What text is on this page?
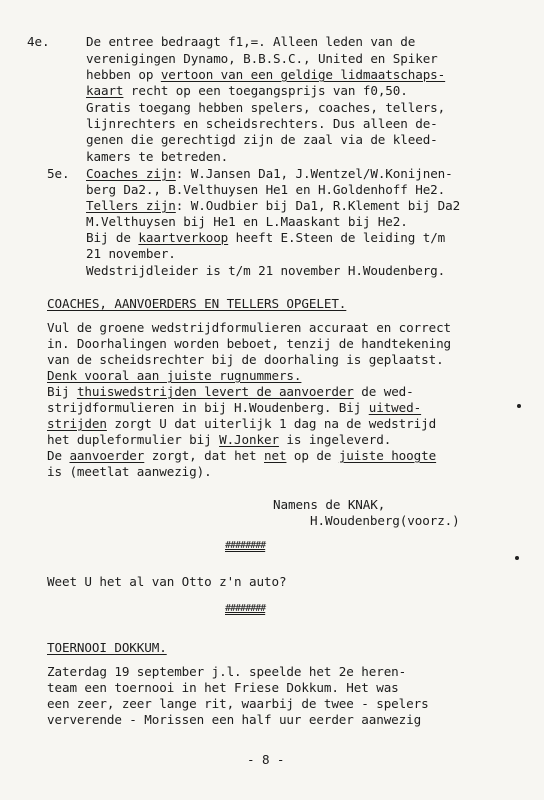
4e.	De entree bedraagt f1,=. Alleen leden van de
verenigingen Dynamo, B.B.S.C., United en Spiker
hebben op vertoon van een geldige lidmaatschaps-
kaart recht op een toegangsprijs van f0,50.
Gratis toegang hebben spelers, coaches, tellers,
lijnrechters en scheidsrechters. Dus alleen de-
genen die gerechtigd zijn de zaal via de kleed-
kamers te betreden.
5e. Coaches zijn: W.Jansen Da1, J.Wentzel/W.Konijnen-
berg Da2., B.Velthuysen He1 en H.Goldenhoff He2.
Tellers zijn: W.Oudbier bij Da1, R.Klement bij Da2
M.Velthuysen bij He1 en L.Maaskant bij He2.
Bij de kaartverkoop heeft E.Steen de leiding t/m
21 november.
Wedstrijdleider is t/m 21 november H.Woudenberg.
COACHES, AANVOERDERS EN TELLERS OPGELET.
Vul de groene wedstrijdformulieren accuraat en correct
in. Doorhalingen worden beboet, tenzij de handtekening
van de scheidsrechter bij de doorhaling is geplaatst.
Denk vooral aan juiste rugnummers.
Bij thuiswedstrijden levert de aanvoerder de wed-
strijdformulieren in bij H.Woudenberg. Bij uitwed-
strijden zorgt U dat uiterlijk 1 dag na de wedstrijd
het dupleformulier bij W.Jonker is ingeleverd.
De aanvoerder zorgt, dat het net op de juiste hoogte
is (meetlat aanwezig).
Namens de KNAK,
H.Woudenberg(voorz.)
########
Weet U het al van Otto z'n auto?
########
TOERNOOI DOKKUM.
Zaterdag 19 september j.l. speelde het 2e heren-
team een toernooi in het Friese Dokkum. Het was
een zeer, zeer lange rit, waarbij de twee - spelers
ververende - Morissen een half uur eerder aanwezig
- 8 -
